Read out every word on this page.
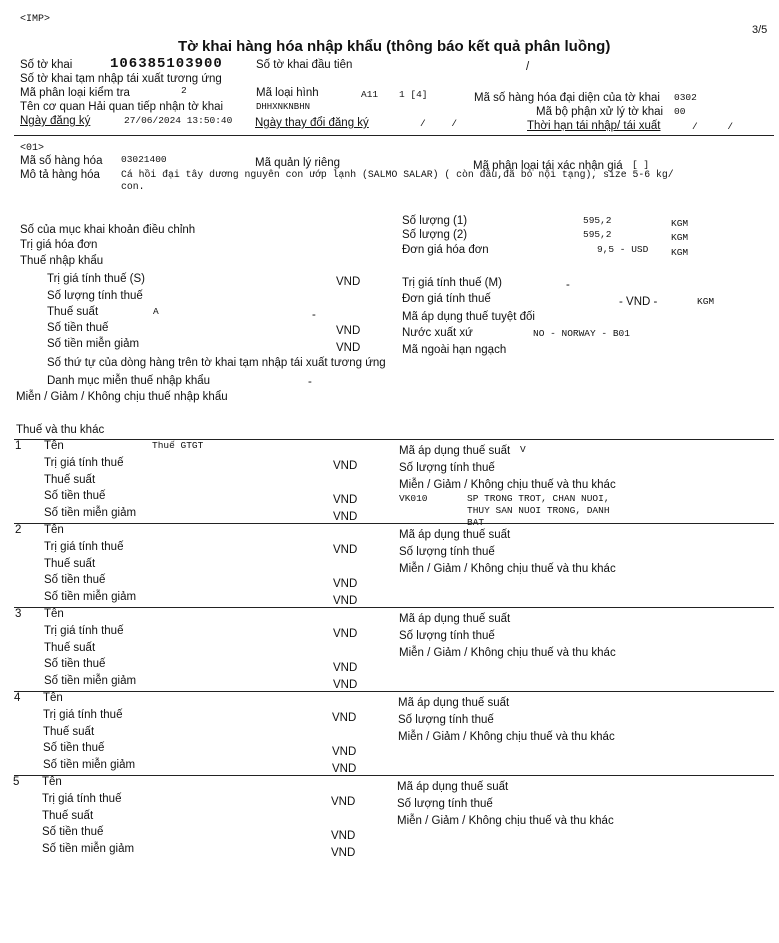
<IMP>
3/5
Tờ khai hàng hóa nhập khẩu (thông báo kết quả phân luồng)
Số tờ khai	106385103900	Số tờ khai đầu tiên	/
Số tờ khai tạm nhập tái xuất tương ứng
Mã phân loại kiểm tra	2	Mã loại hình	A11 1 [4]	Mã số hàng hóa đại diện của tờ khai 0302
Tên cơ quan Hải quan tiếp nhận tờ khai	DHHXNKNBHN	Mã bộ phận xử lý tờ khai 00
Ngày đăng ký	27/06/2024 13:50:40 Ngày thay đổi đăng ký	/ /	Thời hạn tái nhập/ tái xuất	/ /
<01>
Mã số hàng hóa 03021400	Mã quản lý riêng	Mã phân loại tái xác nhận giá [ ]
Mô tả hàng hóa Cá hồi đại tây dương nguyên con ướp lạnh (SALMO SALAR) ( còn đầu,đã bỏ nội tạng), size 5-6 kg/
con.
Số lượng (1)	595,2	KGM
Số lượng (2)	595,2	KGM
Đơn giá hóa đơn	9,5 - USD KGM
Số của mục khai khoản điều chỉnh
Trị giá hóa đơn
Thuế nhập khẩu
Trị giá tính thuế (S)	VND
Số lượng tính thuế
Thuế suất	A	-
Số tiền thuế	VND
Số tiền miễn giảm	VND
Số thứ tự của dòng hàng trên tờ khai tạm nhập tái xuất tương ứng
Danh mục miễn thuế nhập khẩu	-
Miễn / Giảm / Không chịu thuế nhập khẩu
Trị giá tính thuế (M)	-
Đơn giá tính thuế	- VND -	KGM
Mã áp dụng thuế tuyệt đối
Nước xuất xứ	NO - NORWAY - B01
Mã ngoài hạn ngạch
Thuế và thu khác
1 Tên	Thuế GTGT
Trị giá tính thuế	VND
Thuế suất
Số tiền thuế	VND
Số tiền miễn giảm	VND
Mã áp dụng thuế suất V
Số lượng tính thuế
Miễn / Giảm / Không chịu thuế và thu khác
VK010	SP TRONG TROT, CHAN NUOI,
THUY SAN NUOI TRONG, DANH
BAT
2 Tên
Trị giá tính thuế	VND
Thuế suất
Số tiền thuế	VND
Số tiền miễn giảm	VND
Mã áp dụng thuế suất
Số lượng tính thuế
Miễn / Giảm / Không chịu thuế và thu khác
3 Tên
Trị giá tính thuế	VND
Thuế suất
Số tiền thuế	VND
Số tiền miễn giảm	VND
Mã áp dụng thuế suất
Số lượng tính thuế
Miễn / Giảm / Không chịu thuế và thu khác
4 Tên
Trị giá tính thuế	VND
Thuế suất
Số tiền thuế	VND
Số tiền miễn giảm	VND
Mã áp dụng thuế suất
Số lượng tính thuế
Miễn / Giảm / Không chịu thuế và thu khác
5 Tên
Trị giá tính thuế	VND
Thuế suất
Số tiền thuế	VND
Số tiền miễn giảm	VND
Mã áp dụng thuế suất
Số lượng tính thuế
Miễn / Giảm / Không chịu thuế và thu khác
